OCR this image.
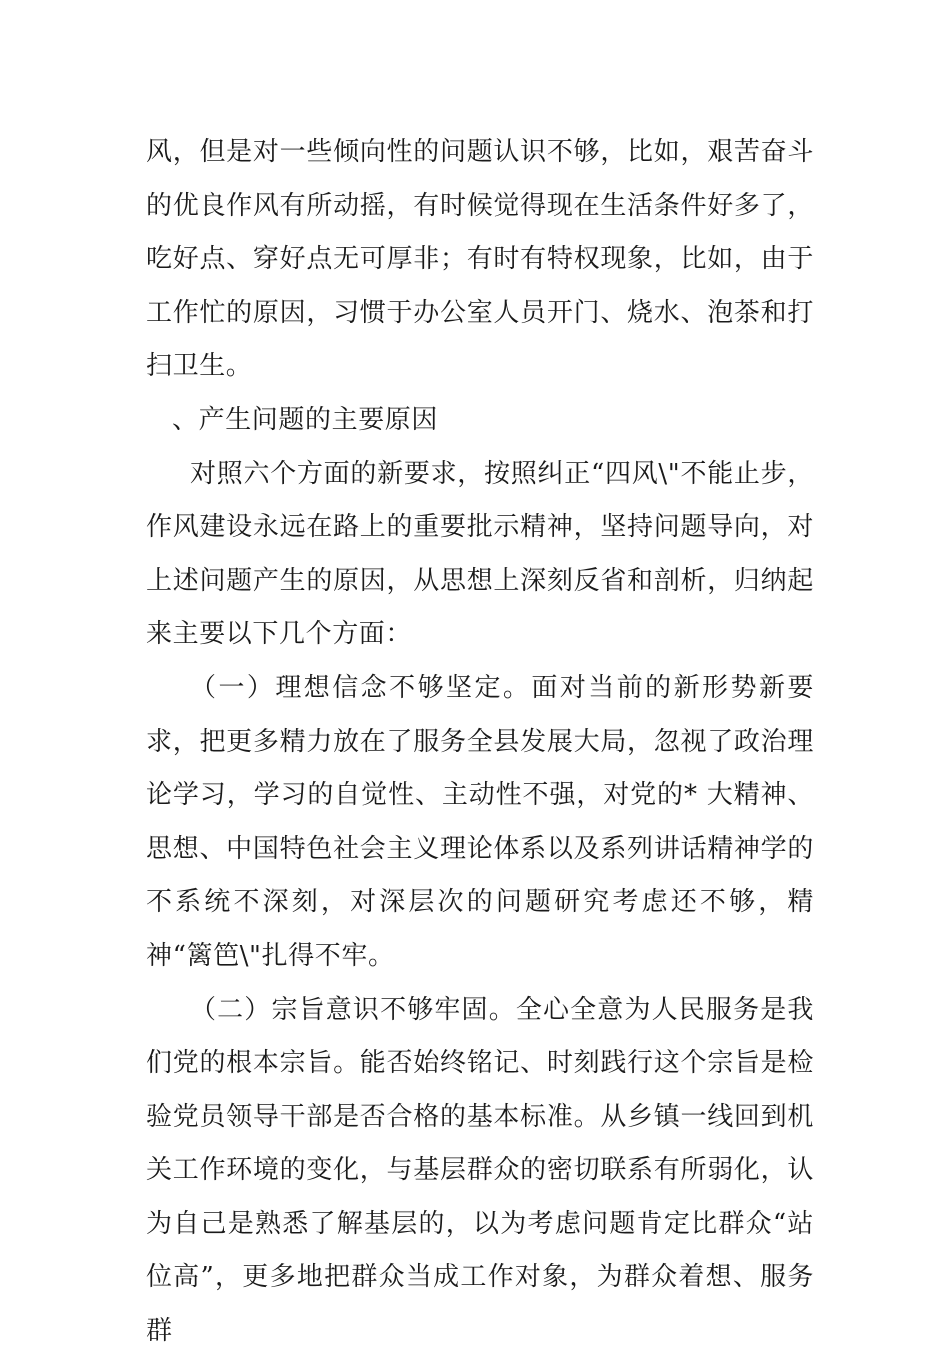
风，但是对一些倾向性的问题认识不够，比如，艰苦奋斗的优良作风有所动摇，有时候觉得现在生活条件好多了，吃好点、穿好点无可厚非；有时有特权现象，比如，由于工作忙的原因，习惯于办公室人员开门、烧水、泡茶和打扫卫生。

、产生问题的主要原因

对照六个方面的新要求，按照纠正“四风\"不能止步，作风建设永远在路上的重要批示精神，坚持问题导向，对上述问题产生的原因，从思想上深刻反省和剖析，归纳起来主要以下几个方面：

（一）理想信念不够坚定。面对当前的新形势新要求，把更多精力放在了服务全县发展大局，忽视了政治理论学习，学习的自觉性、主动性不强，对党的* 大精神、思想、中国特色社会主义理论体系以及系列讲话精神学的不系统不深刻，对深层次的问题研究考虑还不够，精神“篱笆\"扎得不牢。

（二）宗旨意识不够牢固。全心全意为人民服务是我们党的根本宗旨。能否始终铭记、时刻践行这个宗旨是检验党员领导干部是否合格的基本标准。从乡镇一线回到机关工作环境的变化，与基层群众的密切联系有所弱化，认为自己是熟悉了解基层的，以为考虑问题肯定比群众“站位高”，更多地把群众当成工作对象，为群众着想、服务群
